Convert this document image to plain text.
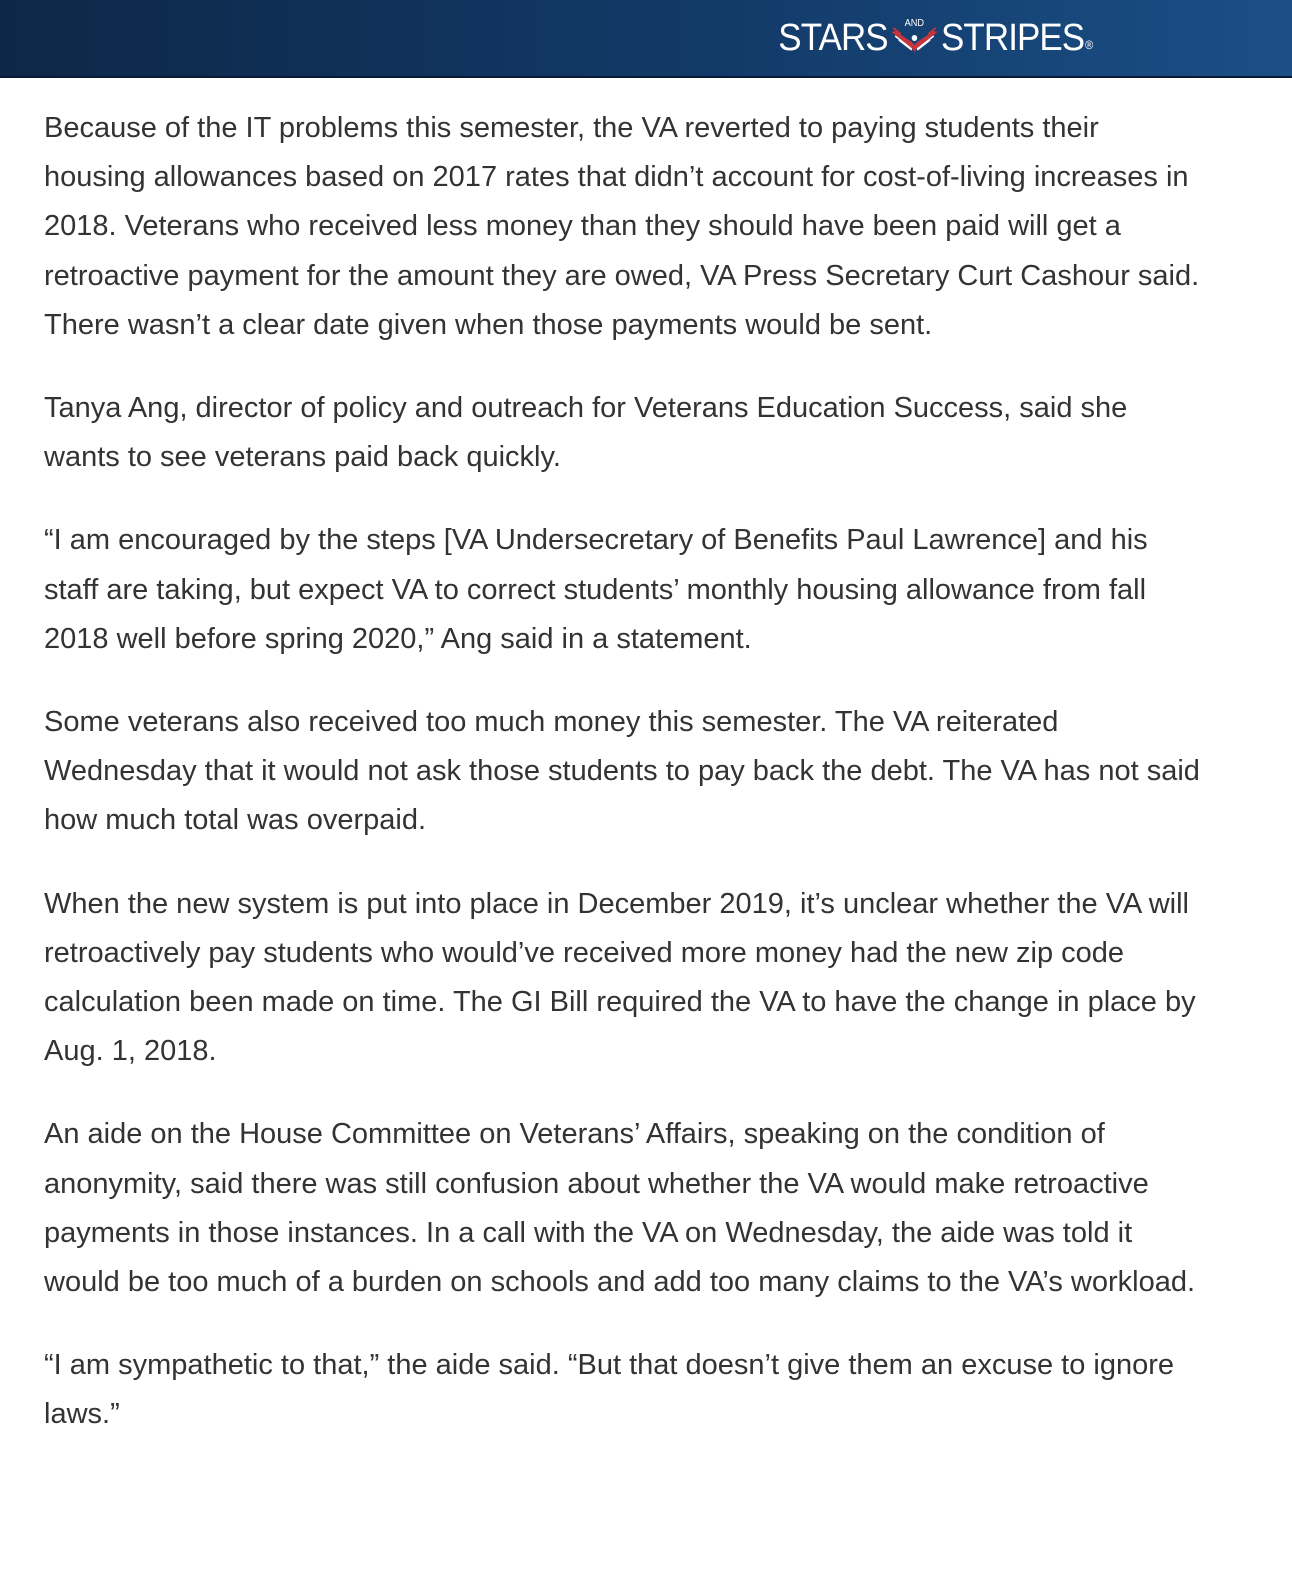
STARS	AND STRIPES ®

Because of the IT problems this semester, the VA reverted to paying students their housing allowances based on 2017 rates that didn’t account for cost-of-living increases in 2018. Veterans who received less money than they should have been paid will get a retroactive payment for the amount they are owed, VA Press Secretary Curt Cashour said. There wasn’t a clear date given when those payments would be sent.

Tanya Ang, director of policy and outreach for Veterans Education Success, said she wants to see veterans paid back quickly.

“I am encouraged by the steps [VA Undersecretary of Benefits Paul Lawrence] and his staff are taking, but expect VA to correct students’ monthly housing allowance from fall 2018 well before spring 2020,” Ang said in a statement.

Some veterans also received too much money this semester. The VA reiterated Wednesday that it would not ask those students to pay back the debt. The VA has not said how much total was overpaid.

When the new system is put into place in December 2019, it’s unclear whether the VA will retroactively pay students who would’ve received more money had the new zip code calculation been made on time. The GI Bill required the VA to have the change in place by Aug. 1, 2018.

An aide on the House Committee on Veterans’ Affairs, speaking on the condition of anonymity, said there was still confusion about whether the VA would make retroactive payments in those instances. In a call with the VA on Wednesday, the aide was told it would be too much of a burden on schools and add too many claims to the VA’s workload.

“I am sympathetic to that,” the aide said. “But that doesn’t give them an excuse to ignore laws.”
